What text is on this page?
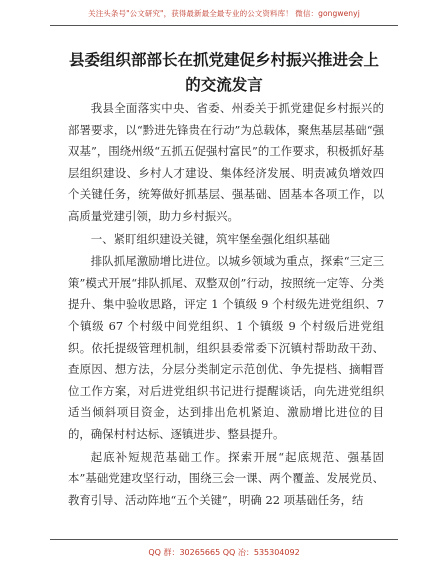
关注头条号"公文研究"，获得最新最全最专业的公文资料库！ 微信：gongwenyj
县委组织部部长在抓党建促乡村振兴推进会上
的交流发言

我县全面落实中央、省委、州委关于抓党建促乡村振兴的部署要求，以“黔进先锋贵在行动”为总载体，聚焦基层基础“强双基”，围绕州级“五抓五促强村富民”的工作要求，积极抓好基层组织建设、乡村人才建设、集体经济发展、明责减负增效四个关键任务，统筹做好抓基层、强基础、固基本各项工作，以高质量党建引领，助力乡村振兴。

一、紧盯组织建设关键，筑牢堡垒强化组织基础

排队抓尾激励增比进位。以城乡领域为重点，探索“三定三策”模式开展“排队抓尾、双整双创”行动，按照统一定等、分类提升、集中验收思路，评定 1 个镇级 9 个村级先进党组织、7 个镇级 67 个村级中间党组织、1 个镇级 9 个村级后进党组织。依托提级管理机制，组织县委常委下沉镇村帮助敌干劲、查原因、想方法，分层分类制定示范创优、争先提档、摘帽晋位工作方案，对后进党组织书记进行提醒谈话，向先进党组织适当倾斜项目资金，达到排出危机紧迫、激励增比进位的目的，确保村村达标、逐镇进步、整县提升。

起底补短规范基础工作。探索开展“起底规范、强基固本”基础党建攻坚行动，围绕三会一课、两个覆盖、发展党员、教育引导、活动阵地“五个关键”，明确 22 项基础任务，结

QQ 群：30265665 QQ 冶：535304092
